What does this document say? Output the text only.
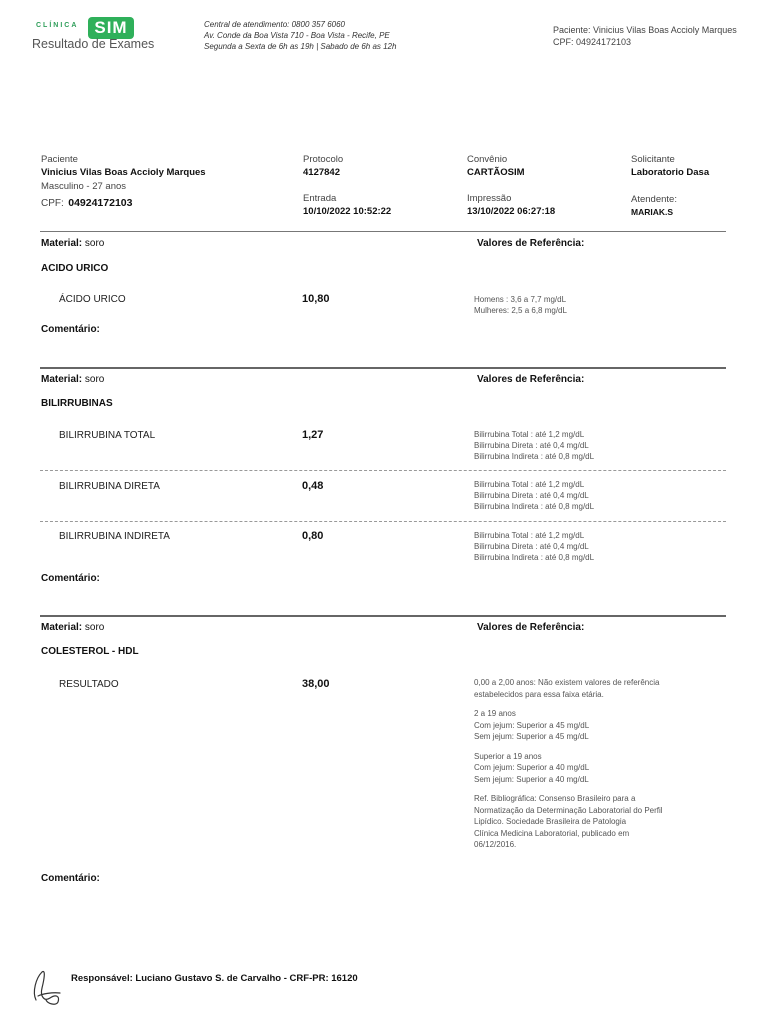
CLÍNICA SIM
Resultado de Exames
Central de atendimento: 0800 357 6060
Av. Conde da Boa Vista 710 - Boa Vista - Recife, PE
Segunda a Sexta de 6h as 19h | Sabado de 6h as 12h
Paciente: Vinicius Vilas Boas Accioly Marques
CPF: 04924172103
Paciente
Vinicius Vilas Boas Accioly Marques
Masculino - 27 anos
CPF: 04924172103
Protocolo
4127842
Entrada
10/10/2022 10:52:22
Convênio
CARTÃOSIM
Impressão
13/10/2022 06:27:18
Solicitante
Laboratorio Dasa
Atendente:
MARIAK.S
Material: soro	Valores de Referência:
ACIDO URICO
ÁCIDO URICO	10,80	Homens : 3,6 a 7,7 mg/dL

Mulheres: 2,5 a 6,8 mg/dL

Comentário:
Material: soro	Valores de Referência:
BILIRRUBINAS
BILIRRUBINA TOTAL	1,27	Bilirrubina Total : até 1,2 mg/dL

Bilirrubina Direta : até 0,4 mg/dL

Bilirrubina Indireta : até 0,8 mg/dL

BILIRRUBINA DIRETA	0,48	Bilirrubina Total : até 1,2 mg/dL

Bilirrubina Direta : até 0,4 mg/dL

Bilirrubina Indireta : até 0,8 mg/dL

BILIRRUBINA INDIRETA	0,80	Bilirrubina Total : até 1,2 mg/dL

Bilirrubina Direta : até 0,4 mg/dL

Bilirrubina Indireta : até 0,8 mg/dL

Comentário:
Material: soro	Valores de Referência:
COLESTEROL - HDL
RESULTADO	38,00	0,00 a 2,00 anos: Não existem valores de referência
estabelecidos para essa faixa etária.

2 a 19 anos
Com jejum: Superior a 45 mg/dL
Sem jejum: Superior a 45 mg/dL

Superior a 19 anos
Com jejum: Superior a 40 mg/dL
Sem jejum: Superior a 40 mg/dL

Ref. Bibliográfica: Consenso Brasileiro para a
Normatização da Determinação Laboratorial do Perfil
Lipídico. Sociedade Brasileira de Patologia
Clínica Medicina Laboratorial, publicado em
06/12/2016.

Comentário:
Responsável: Luciano Gustavo S. de Carvalho - CRF-PR: 16120
